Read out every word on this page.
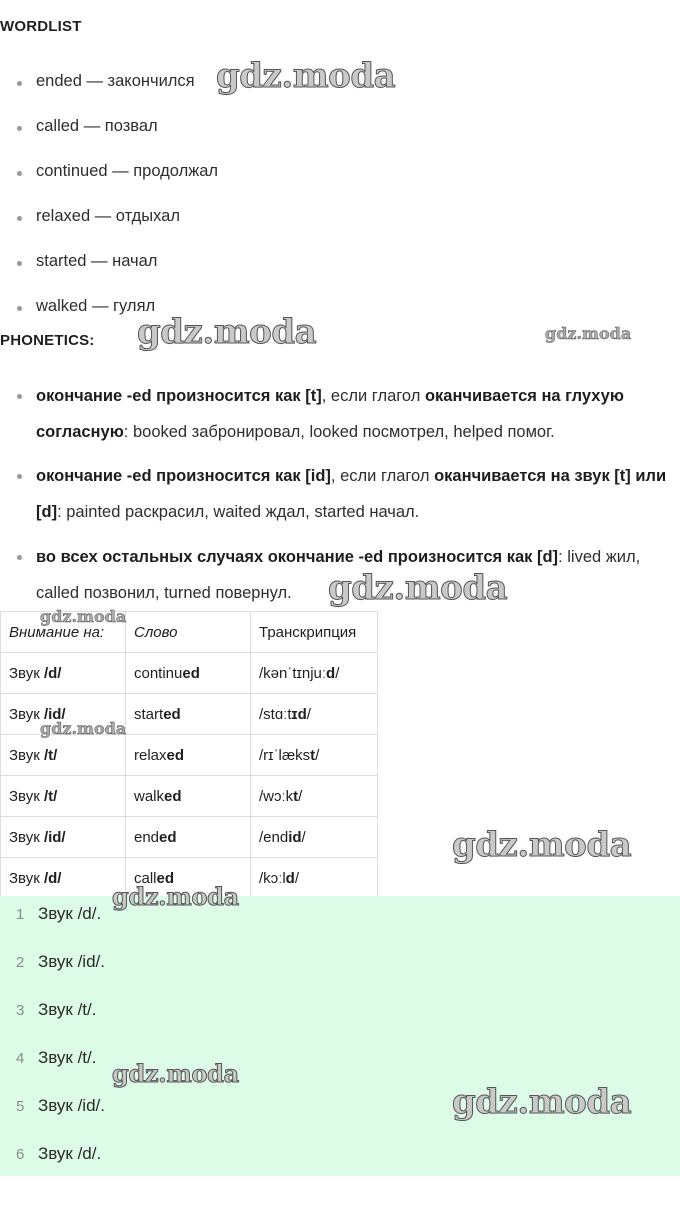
WORDLIST
ended — закончился
called — позвал
continued — продолжал
relaxed — отдыхал
started — начал
walked — гулял
PHONETICS:
окончание -ed произносится как [t], если глагол оканчивается на глухую согласную: booked забронировал, looked посмотрел, helped помог.
окончание -ed произносится как [id], если глагол оканчивается на звук [t] или [d]: painted раскрасил, waited ждал, started начал.
во всех остальных случаях окончание -ed произносится как [d]: lived жил, called позвонил, turned повернул.
Внимание на:	Слово	Транскрипция
Звук /d/	continued	/kənˈtɪnjuːd/
Звук /id/	started	/stɑːtɪd/
Звук /t/	relaxed	/rɪˈlækst/
Звук /t/	walked	/wɔːkt/
Звук /id/	ended	/endid/
Звук /d/	called	/kɔːld/
1 Звук /d/.
2 Звук /id/.
3 Звук /t/.
4 Звук /t/.
5 Звук /id/.
6 Звук /d/.
gdz.moda
gdz.moda	gdz.moda
gdz.moda
gdz.moda
gdz.moda
gdz.moda
gdz.moda
gdz.moda
gdz.moda
